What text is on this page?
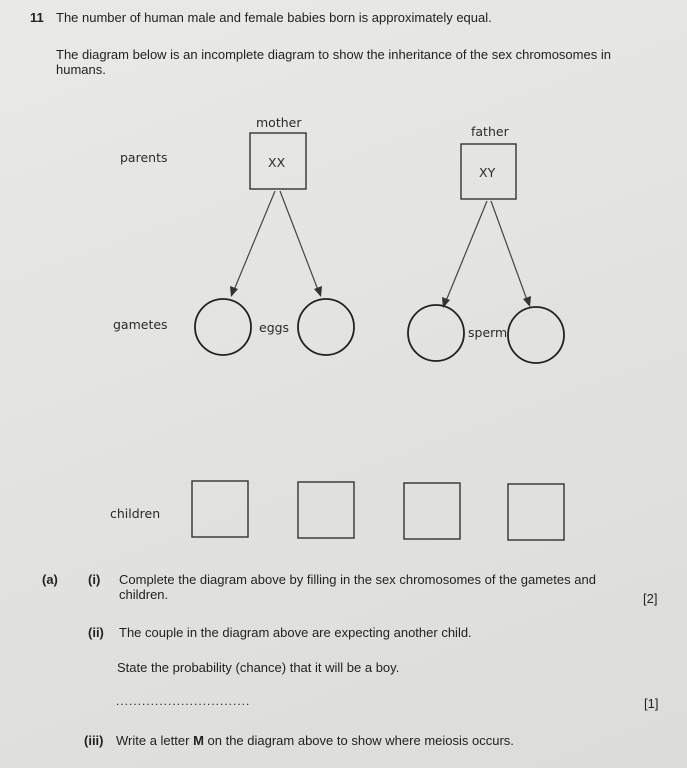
11 The number of human male and female babies born is approximately equal.
The diagram below is an incomplete diagram to show the inheritance of the sex chromosomes in
humans.
mother
father
XX
XY
parents
gametes	eggs	sperm
children
(a) (i) Complete the diagram above by filling in the sex chromosomes of the gametes and
children.	[2]
(ii) The couple in the diagram above are expecting another child.
State the probability (chance) that it will be a boy.
...............................	[1]
(iii) Write a letter M on the diagram above to show where meiosis occurs.
